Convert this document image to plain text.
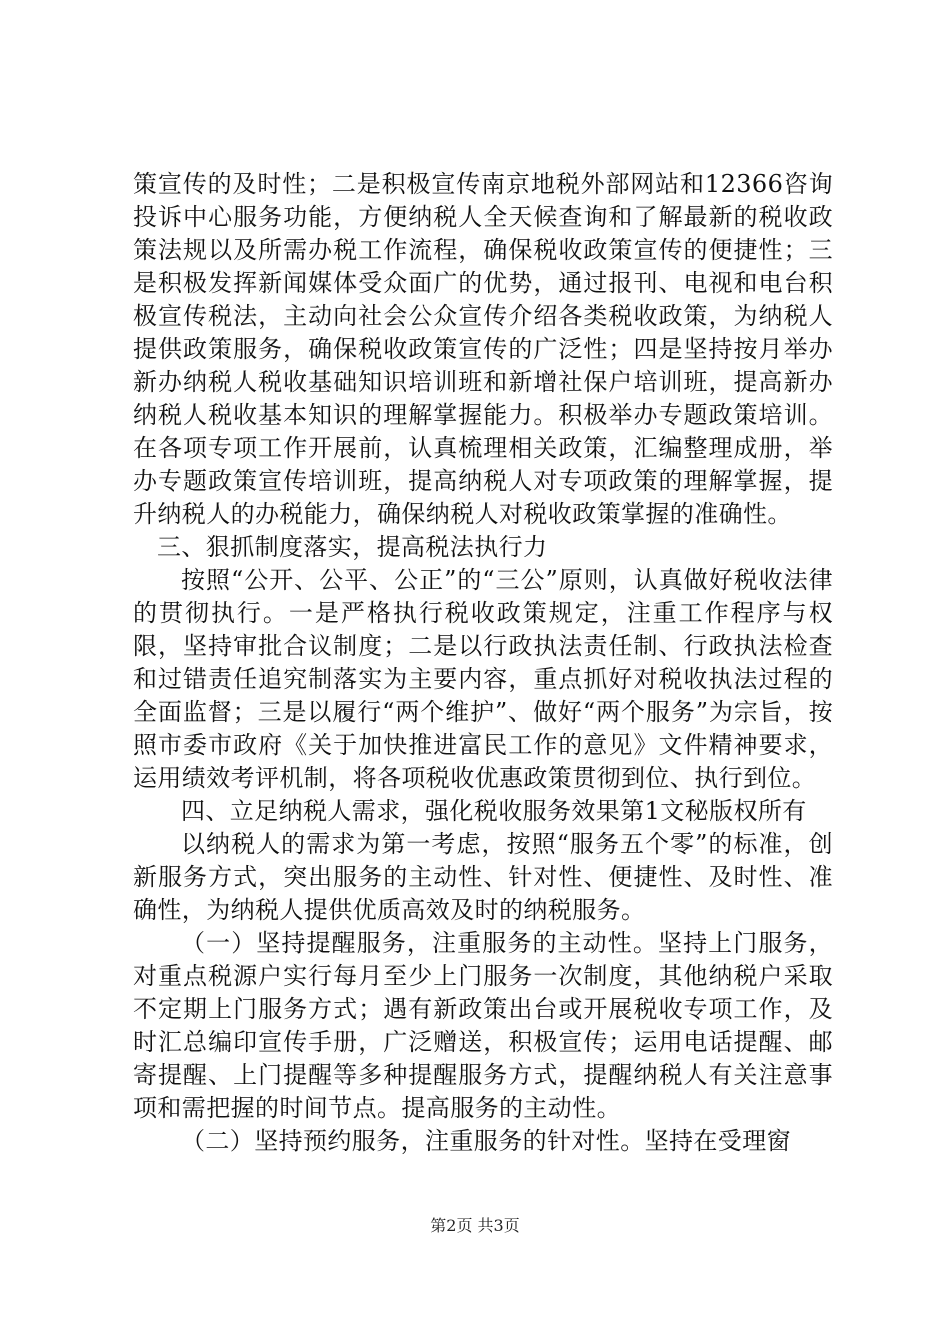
策宣传的及时性；二是积极宣传南京地税外部网站和12366咨询投诉中心服务功能，方便纳税人全天候查询和了解最新的税收政策法规以及所需办税工作流程，确保税收政策宣传的便捷性；三是积极发挥新闻媒体受众面广的优势，通过报刊、电视和电台积极宣传税法，主动向社会公众宣传介绍各类税收政策，为纳税人提供政策服务，确保税收政策宣传的广泛性；四是坚持按月举办新办纳税人税收基础知识培训班和新增社保户培训班，提高新办纳税人税收基本知识的理解掌握能力。积极举办专题政策培训。在各项专项工作开展前，认真梳理相关政策，汇编整理成册，举办专题政策宣传培训班，提高纳税人对专项政策的理解掌握，提升纳税人的办税能力，确保纳税人对税收政策掌握的准确性。

三、狠抓制度落实，提高税法执行力

按照“公开、公平、公正”的“三公”原则，认真做好税收法律的贯彻执行。一是严格执行税收政策规定，注重工作程序与权限，坚持审批合议制度；二是以行政执法责任制、行政执法检查和过错责任追究制落实为主要内容，重点抓好对税收执法过程的全面监督；三是以履行“两个维护”、做好“两个服务”为宗旨，按照市委市政府《关于加快推进富民工作的意见》文件精神要求，运用绩效考评机制，将各项税收优惠政策贯彻到位、执行到位。

四、立足纳税人需求，强化税收服务效果第1文秘版权所有

以纳税人的需求为第一考虑，按照“服务五个零”的标准，创新服务方式，突出服务的主动性、针对性、便捷性、及时性、准确性，为纳税人提供优质高效及时的纳税服务。

（一）坚持提醒服务，注重服务的主动性。坚持上门服务，对重点税源户实行每月至少上门服务一次制度，其他纳税户采取不定期上门服务方式；遇有新政策出台或开展税收专项工作，及时汇总编印宣传手册，广泛赠送，积极宣传；运用电话提醒、邮寄提醒、上门提醒等多种提醒服务方式，提醒纳税人有关注意事项和需把握的时间节点。提高服务的主动性。

（二）坚持预约服务，注重服务的针对性。坚持在受理窗

第2页 共3页
